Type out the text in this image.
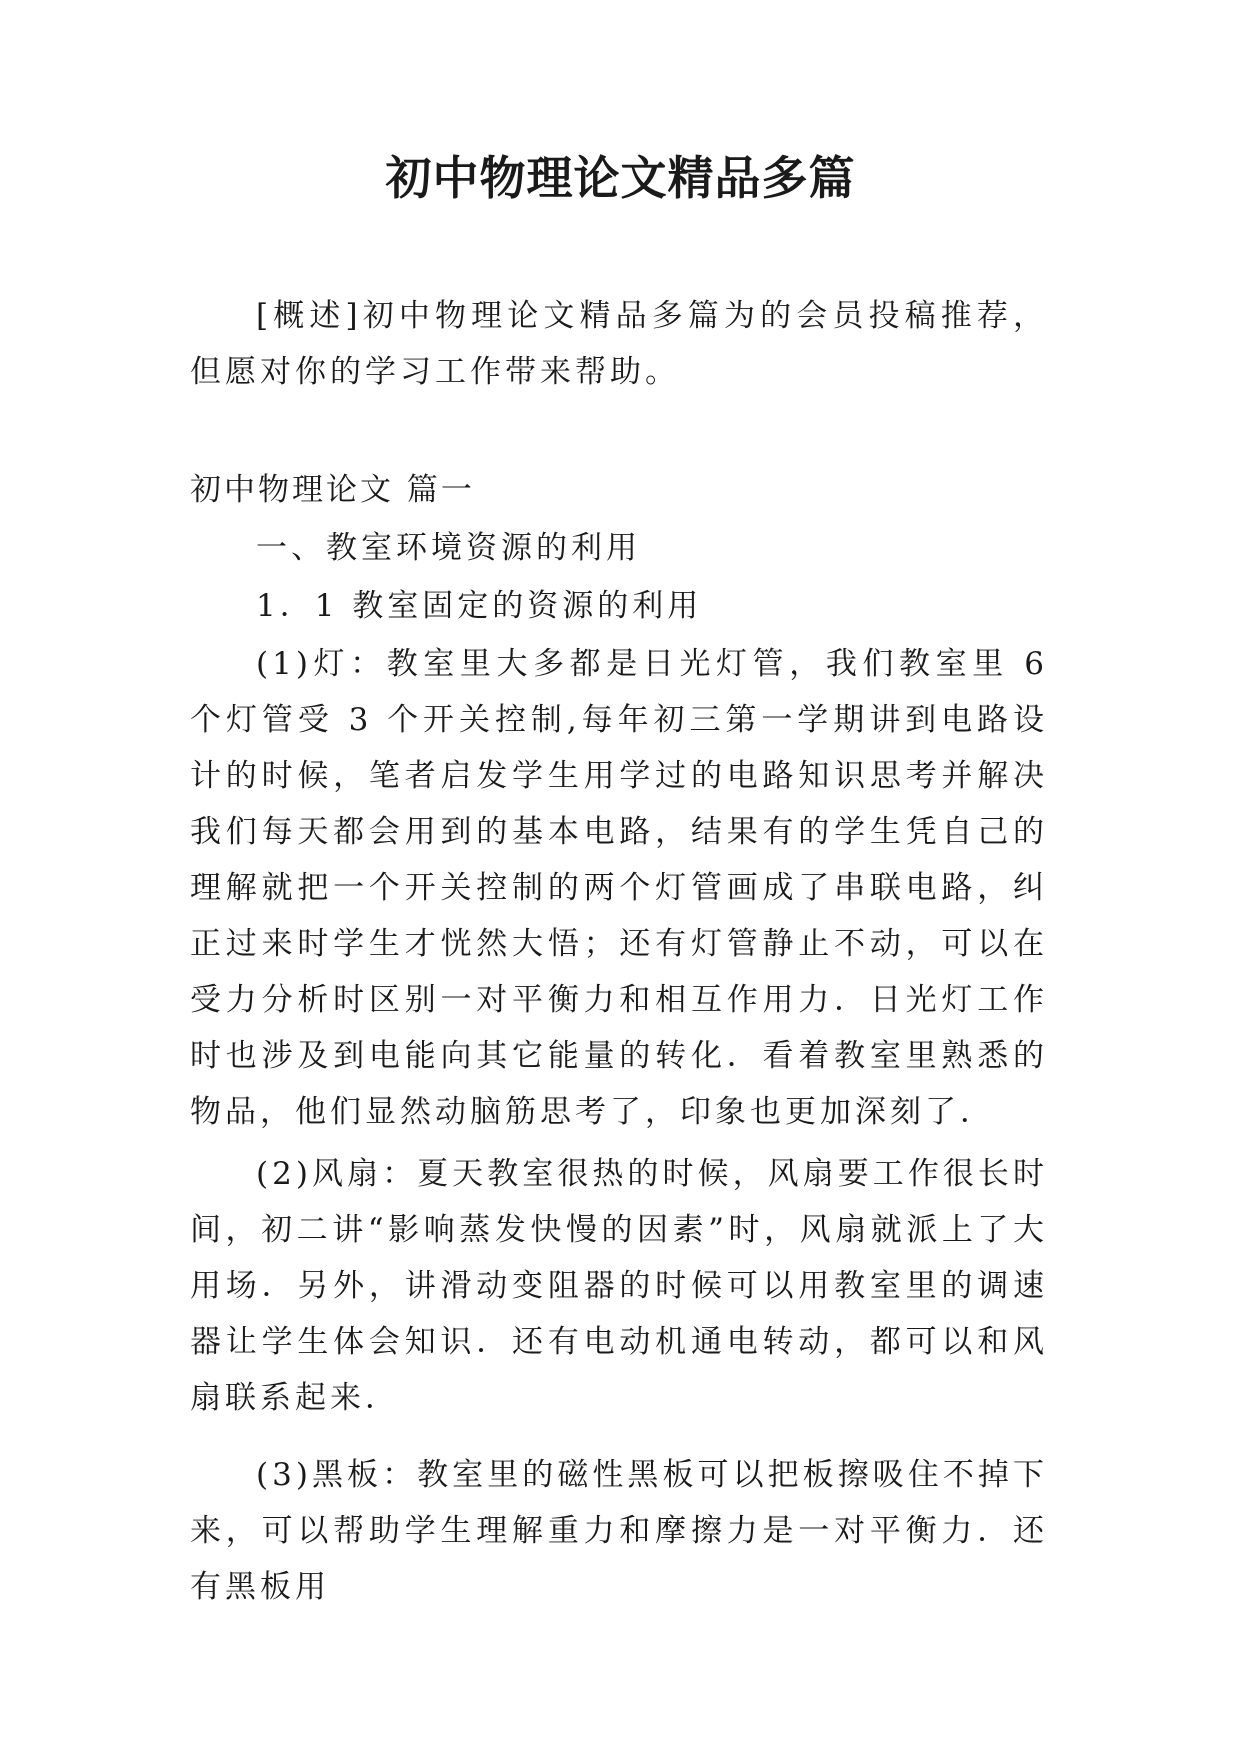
初中物理论文精品多篇

[概述]初中物理论文精品多篇为的会员投稿推荐，但愿对你的学习工作带来帮助。

初中物理论文 篇一

一、教室环境资源的利用

1．1 教室固定的资源的利用

(1)灯：教室里大多都是日光灯管，我们教室里 6 个灯管受 3 个开关控制,每年初三第一学期讲到电路设计的时候，笔者启发学生用学过的电路知识思考并解决我们每天都会用到的基本电路，结果有的学生凭自己的理解就把一个开关控制的两个灯管画成了串联电路，纠正过来时学生才恍然大悟；还有灯管静止不动，可以在受力分析时区别一对平衡力和相互作用力．日光灯工作时也涉及到电能向其它能量的转化．看着教室里熟悉的物品，他们显然动脑筋思考了，印象也更加深刻了．

(2)风扇：夏天教室很热的时候，风扇要工作很长时间，初二讲“影响蒸发快慢的因素”时，风扇就派上了大用场．另外，讲滑动变阻器的时候可以用教室里的调速器让学生体会知识．还有电动机通电转动，都可以和风扇联系起来．

(3)黑板：教室里的磁性黑板可以把板擦吸住不掉下来，可以帮助学生理解重力和摩擦力是一对平衡力．还有黑板用
